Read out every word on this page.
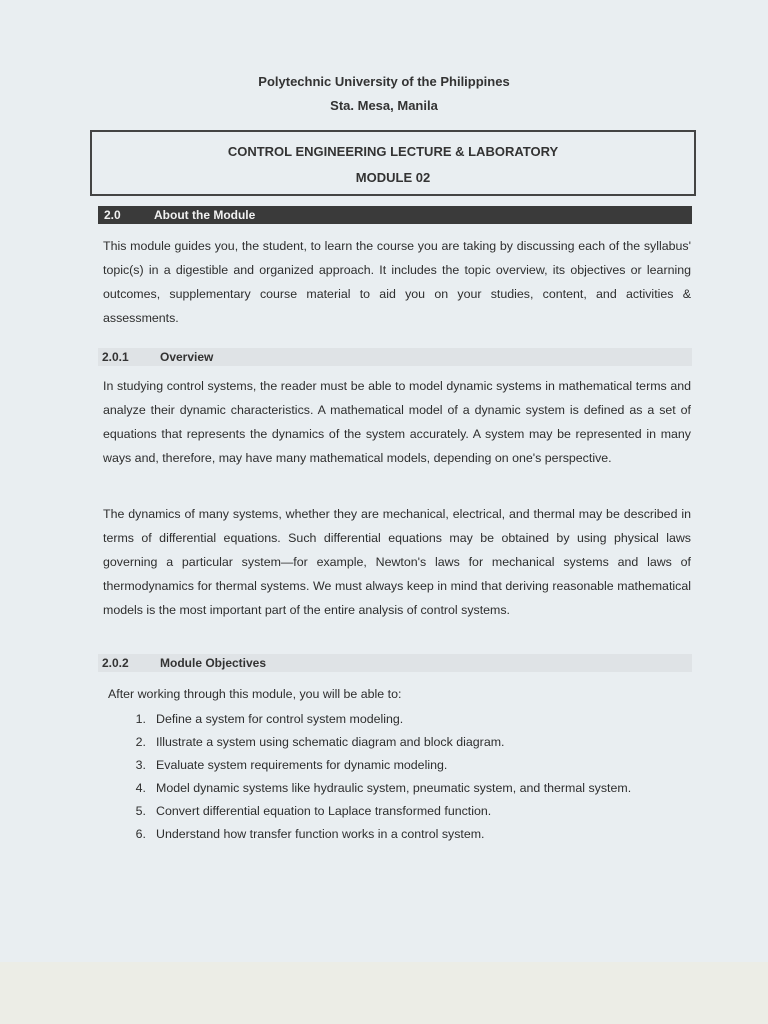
Polytechnic University of the Philippines
Sta. Mesa, Manila
CONTROL ENGINEERING LECTURE & LABORATORY
MODULE 02
2.0	About the Module
This module guides you, the student, to learn the course you are taking by discussing each of the syllabus' topic(s) in a digestible and organized approach. It includes the topic overview, its objectives or learning outcomes, supplementary course material to aid you on your studies, content, and activities & assessments.
2.0.1	Overview
In studying control systems, the reader must be able to model dynamic systems in mathematical terms and analyze their dynamic characteristics. A mathematical model of a dynamic system is defined as a set of equations that represents the dynamics of the system accurately. A system may be represented in many ways and, therefore, may have many mathematical models, depending on one's perspective.
The dynamics of many systems, whether they are mechanical, electrical, and thermal may be described in terms of differential equations. Such differential equations may be obtained by using physical laws governing a particular system—for example, Newton's laws for mechanical systems and laws of thermodynamics for thermal systems. We must always keep in mind that deriving reasonable mathematical models is the most important part of the entire analysis of control systems.
2.0.2	Module Objectives
After working through this module, you will be able to:
1. Define a system for control system modeling.
2. Illustrate a system using schematic diagram and block diagram.
3. Evaluate system requirements for dynamic modeling.
4. Model dynamic systems like hydraulic system, pneumatic system, and thermal system.
5. Convert differential equation to Laplace transformed function.
6. Understand how transfer function works in a control system.
